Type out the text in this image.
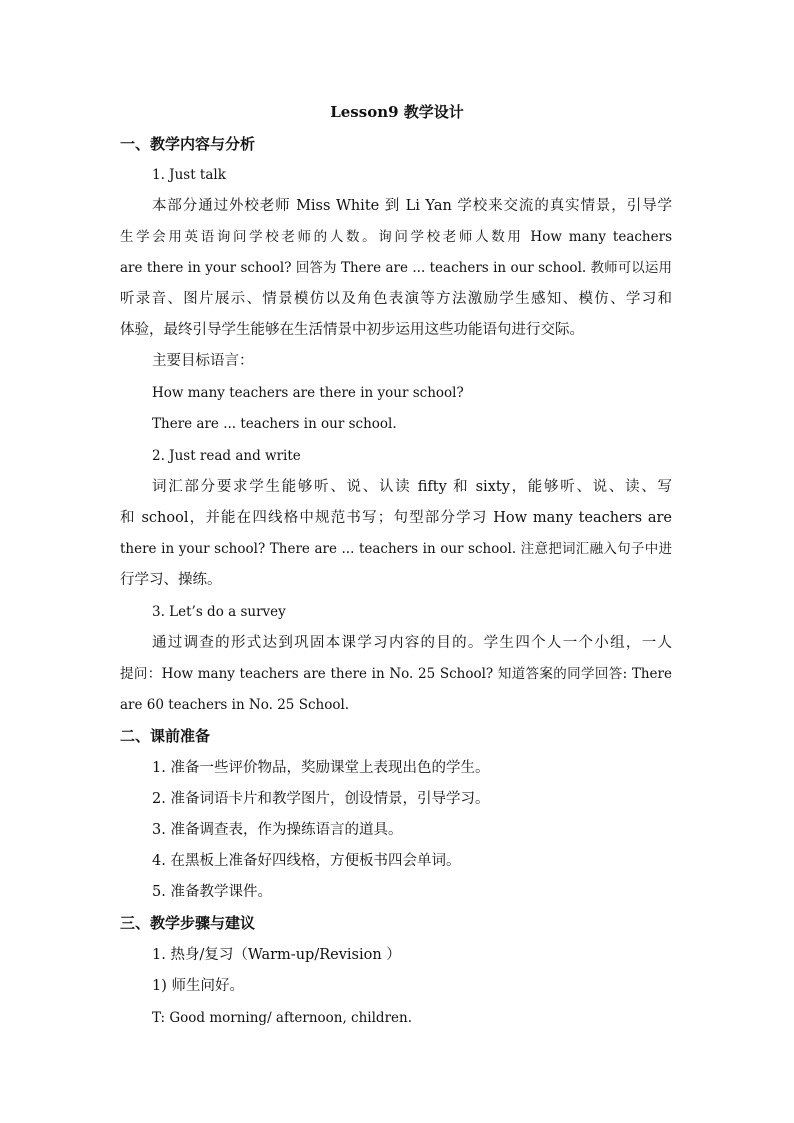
Lesson9 教学设计
一、教学内容与分析
1. Just talk
本部分通过外校老师 Miss White 到 Li Yan 学校来交流的真实情景，引导学
生学会用英语询问学校老师的人数。询问学校老师人数用 How many teachers
are there in your school? 回答为 There are ... teachers in our school. 教师可以运用
听录音、图片展示、情景模仿以及角色表演等方法激励学生感知、模仿、学习和
体验，最终引导学生能够在生活情景中初步运用这些功能语句进行交际。
主要目标语言：
How many teachers are there in your school?
There are ... teachers in our school.
2. Just read and write
词汇部分要求学生能够听、说、认读 fifty 和 sixty，能够听、说、读、写
和 school，并能在四线格中规范书写；句型部分学习 How many teachers are
there in your school? There are ... teachers in our school. 注意把词汇融入句子中进
行学习、操练。
3. Let’s do a survey
通过调查的形式达到巩固本课学习内容的目的。学生四个人一个小组，一人
提问：How many teachers are there in No. 25 School? 知道答案的同学回答: There
are 60 teachers in No. 25 School.
二、课前准备
1. 准备一些评价物品，奖励课堂上表现出色的学生。
2. 准备词语卡片和教学图片，创设情景，引导学习。
3. 准备调查表，作为操练语言的道具。
4. 在黑板上准备好四线格，方便板书四会单词。
5. 准备教学课件。
三、教学步骤与建议
1. 热身/复习（Warm-up/Revision ）
1) 师生问好。
T: Good morning/ afternoon, children.
